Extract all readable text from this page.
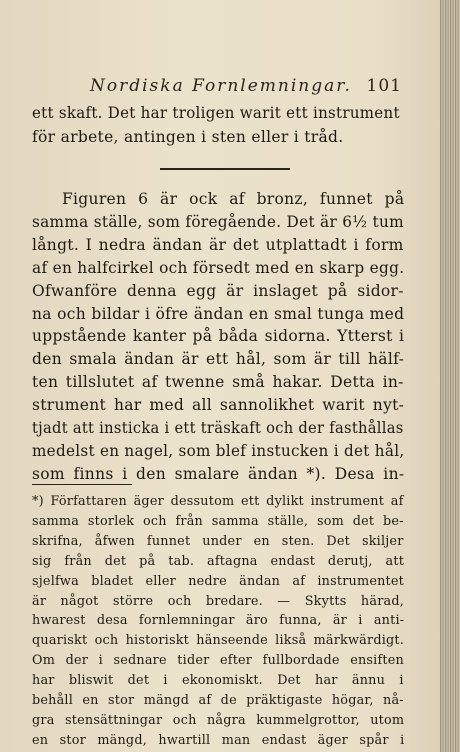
Nordiska Fornlemningar. 101
ett skaft. Det har troligen warit ett instrument
för arbete, antingen i sten eller i tråd.
Figuren 6 är ock af bronz, funnet på
samma ställe, som föregående. Det är 6½ tum
långt. I nedra ändan är det utplattadt i form
af en halfcirkel och försedt med en skarp egg.
Ofwanföre denna egg är inslaget på sidor-
na och bildar i öfre ändan en smal tunga med
uppstående kanter på båda sidorna. Ytterst i
den smala ändan är ett hål, som är till hälf-
ten tillslutet af twenne små hakar. Detta in-
strument har med all sannolikhet warit nyt-
tjadt att insticka i ett träskaft och der fasthållas
medelst en nagel, som blef instucken i det hål,
som finns i den smalare ändan *). Desa in-
*) Författaren äger dessutom ett dylikt instrument af
samma storlek och från samma ställe, som det be-
skrifna, åfwen funnet under en sten. Det skiljer
sig från det på tab. aftagna endast derutj, att
sjelfwa bladet eller nedre ändan af instrumentet
är något större och bredare. — Skytts härad,
hwarest desa fornlemningar äro funna, är i anti-
quariskt och historiskt hänseende likså märkwärdigt.
Om der i sednare tider efter fullbordade ensiften
har bliswit det i ekonomiskt. Det har ännu i
behåll en stor mängd af de präktigaste högar, nå-
gra stensättningar och några kummelgrottor, utom
en stor mängd, hwartill man endast äger spår i
